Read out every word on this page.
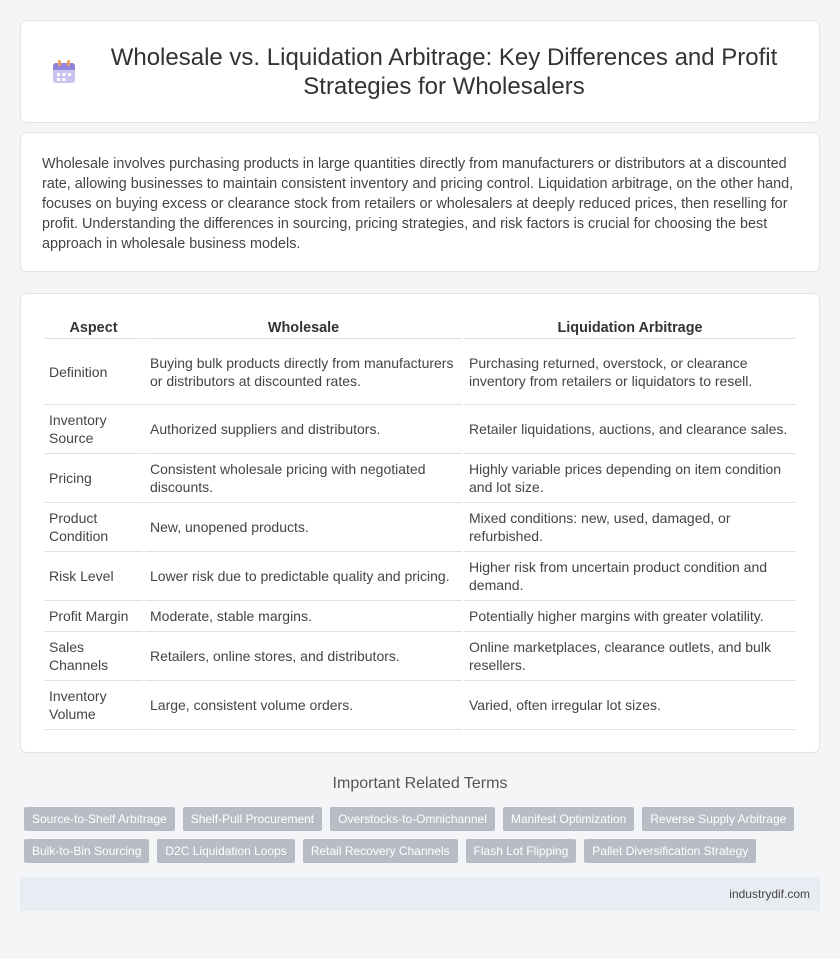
Wholesale vs. Liquidation Arbitrage: Key Differences and Profit Strategies for Wholesalers

Wholesale involves purchasing products in large quantities directly from manufacturers or distributors at a discounted rate, allowing businesses to maintain consistent inventory and pricing control. Liquidation arbitrage, on the other hand, focuses on buying excess or clearance stock from retailers or wholesalers at deeply reduced prices, then reselling for profit. Understanding the differences in sourcing, pricing strategies, and risk factors is crucial for choosing the best approach in wholesale business models.

Aspect	Wholesale	Liquidation Arbitrage
Definition	Buying bulk products directly from manufacturers or distributors at discounted rates.	Purchasing returned, overstock, or clearance inventory from retailers or liquidators to resell.
Inventory Source	Authorized suppliers and distributors.	Retailer liquidations, auctions, and clearance sales.
Pricing	Consistent wholesale pricing with negotiated discounts.	Highly variable prices depending on item condition and lot size.
Product Condition	New, unopened products.	Mixed conditions: new, used, damaged, or refurbished.
Risk Level	Lower risk due to predictable quality and pricing.	Higher risk from uncertain product condition and demand.
Profit Margin	Moderate, stable margins.	Potentially higher margins with greater volatility.
Sales Channels	Retailers, online stores, and distributors.	Online marketplaces, clearance outlets, and bulk resellers.
Inventory Volume	Large, consistent volume orders.	Varied, often irregular lot sizes.
Important Related Terms
Source-to-Shelf Arbitrage	Shelf-Pull Procurement	Overstocks-to-Omnichannel	Manifest Optimization	Reverse Supply Arbitrage
Bulk-to-Bin Sourcing	D2C Liquidation Loops	Retail Recovery Channels	Flash Lot Flipping	Pallet Diversification Strategy
industrydif.com
